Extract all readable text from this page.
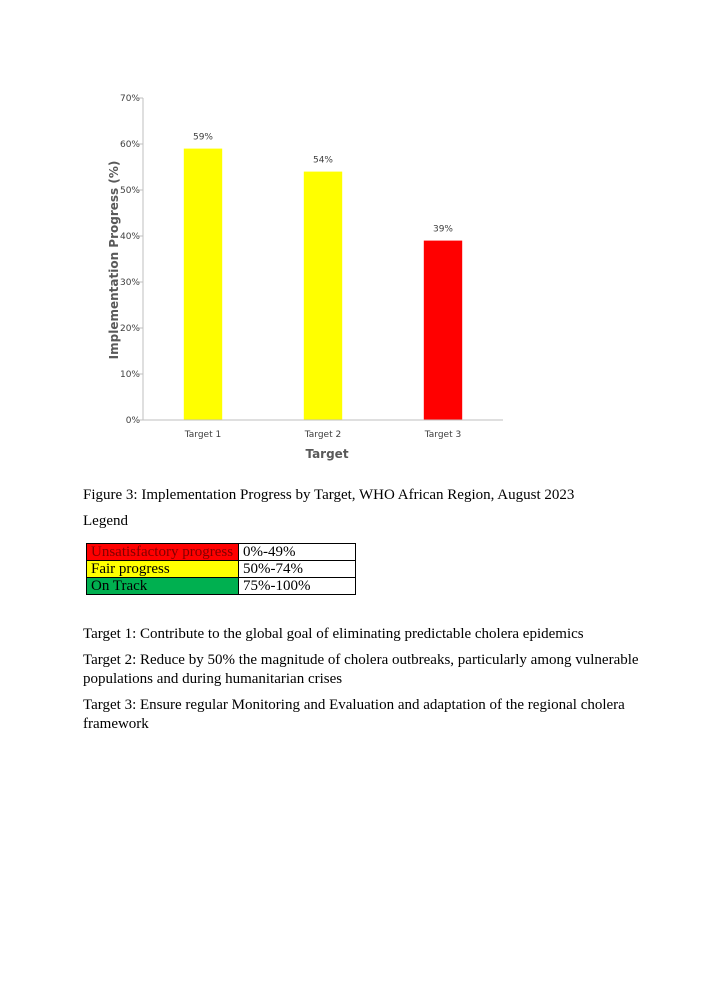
0%
10%
20%
30%
40%
50%
60%
70%
59%
54%
39%
Target 1	Target 2	Target 3
Target
Implementation Progress (%)
Figure 3: Implementation Progress by Target, WHO African Region, August 2023
Legend
Unsatisfactory progress	0%-49%
Fair progress	50%-74%
On Track	75%-100%
Target 1: Contribute to the global goal of eliminating predictable cholera epidemics
Target 2: Reduce by 50% the magnitude of cholera outbreaks, particularly among vulnerable populations and during humanitarian crises
Target 3: Ensure regular Monitoring and Evaluation and adaptation of the regional cholera framework
